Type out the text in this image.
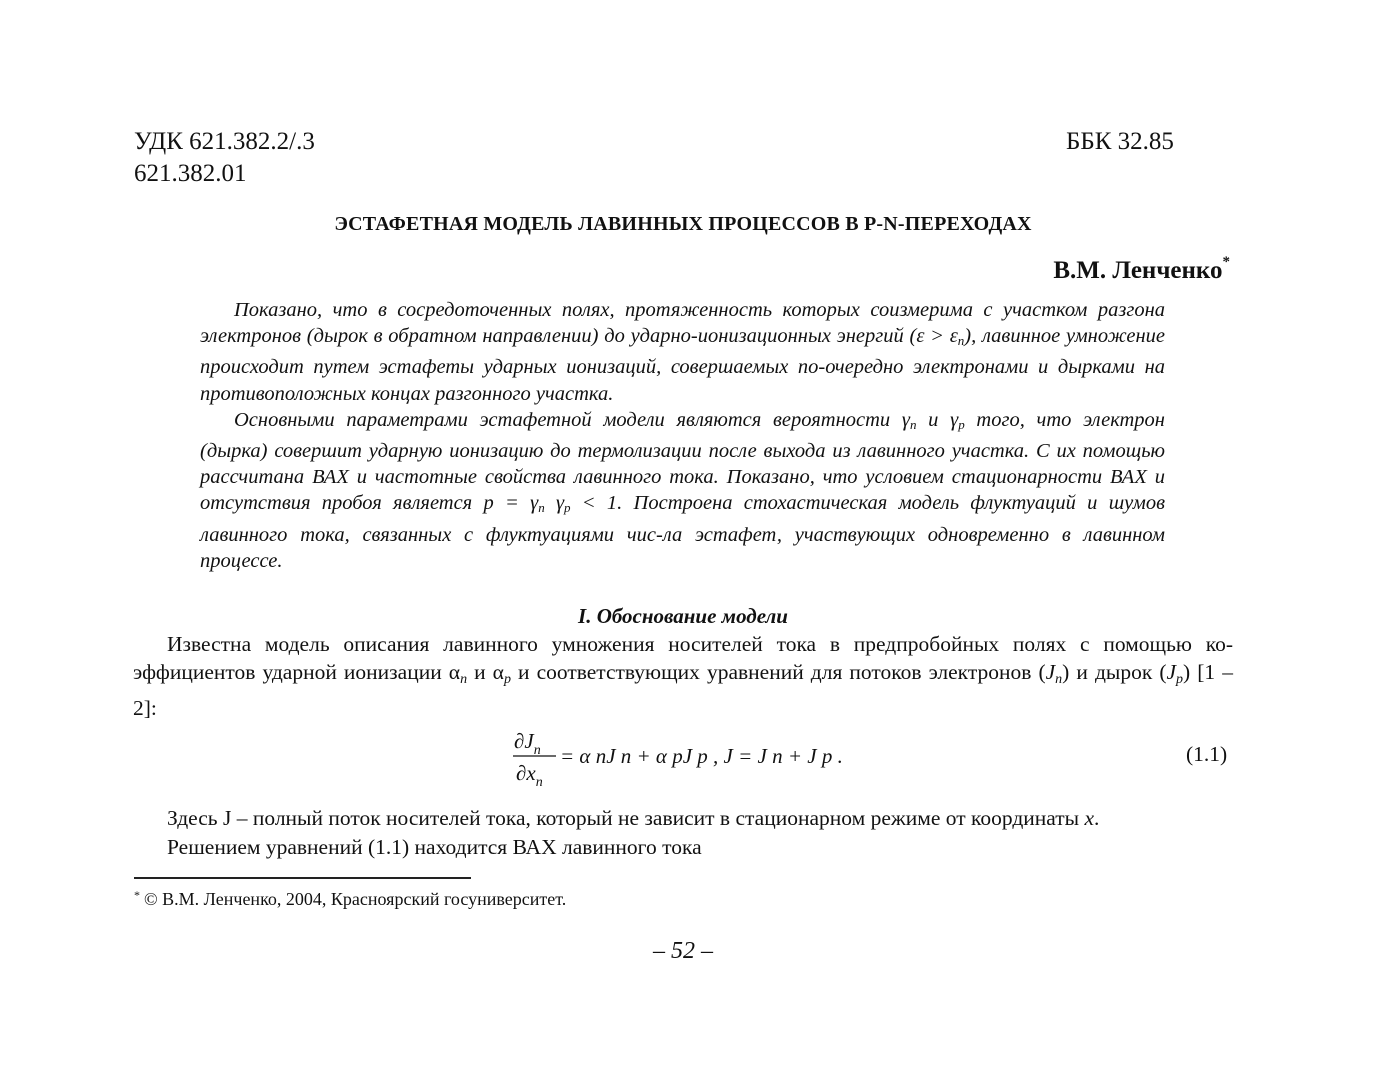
УДК 621.382.2/.3
621.382.01
ББК 32.85
ЭСТАФЕТНАЯ МОДЕЛЬ ЛАВИННЫХ ПРОЦЕССОВ В P-N-ПЕРЕХОДАХ
В.М. Ленченко*

Показано, что в сосредоточенных полях, протяженность которых соизмерима с участком разгона электронов (дырок в обратном направлении) до ударно-ионизационных энергий $(\varepsilon > \varepsilon_n)$, лавинное умножение происходит путем эстафеты ударных ионизаций, совершаемых по-очередно электронами и дырками на противоположных концах разгонного участка.

Основными параметрами эстафетной модели являются вероятности $\gamma_n$ и $\gamma_p$ того, что электрон (дырка) совершит ударную ионизацию до термолизации после выхода из лавинного участка. С их помощью рассчитана ВАХ и частотные свойства лавинного тока. Показано, что условием стационарности ВАХ и отсутствия пробоя является $p = \gamma_n$ $\gamma_p < 1$. Построена стохастическая модель флуктуаций и шумов лавинного тока, связанных с флуктуациями чис-ла эстафет, участвующих одновременно в лавинном процессе.

I. Обоснование модели

Известна модель описания лавинного умножения носителей тока в предпробойных полях с помощью ко-эффициентов ударной ионизации $\alpha_n$ и $\alpha_p$ и соответствующих уравнений для потоков электронов $(J_n)$ и дырок $(J_p)$ [1 – 2]:

$\partial J_n$
$\partial x_n$
= α nJ n + α pJ p , J = J n + J p .	(1.1)

Здесь J – полный поток носителей тока, который не зависит в стационарном режиме от координаты x.

Решением уравнений (1.1) находится ВАХ лавинного тока

* © В.М. Ленченко, 2004, Красноярский госуниверситет.
– 52 –
